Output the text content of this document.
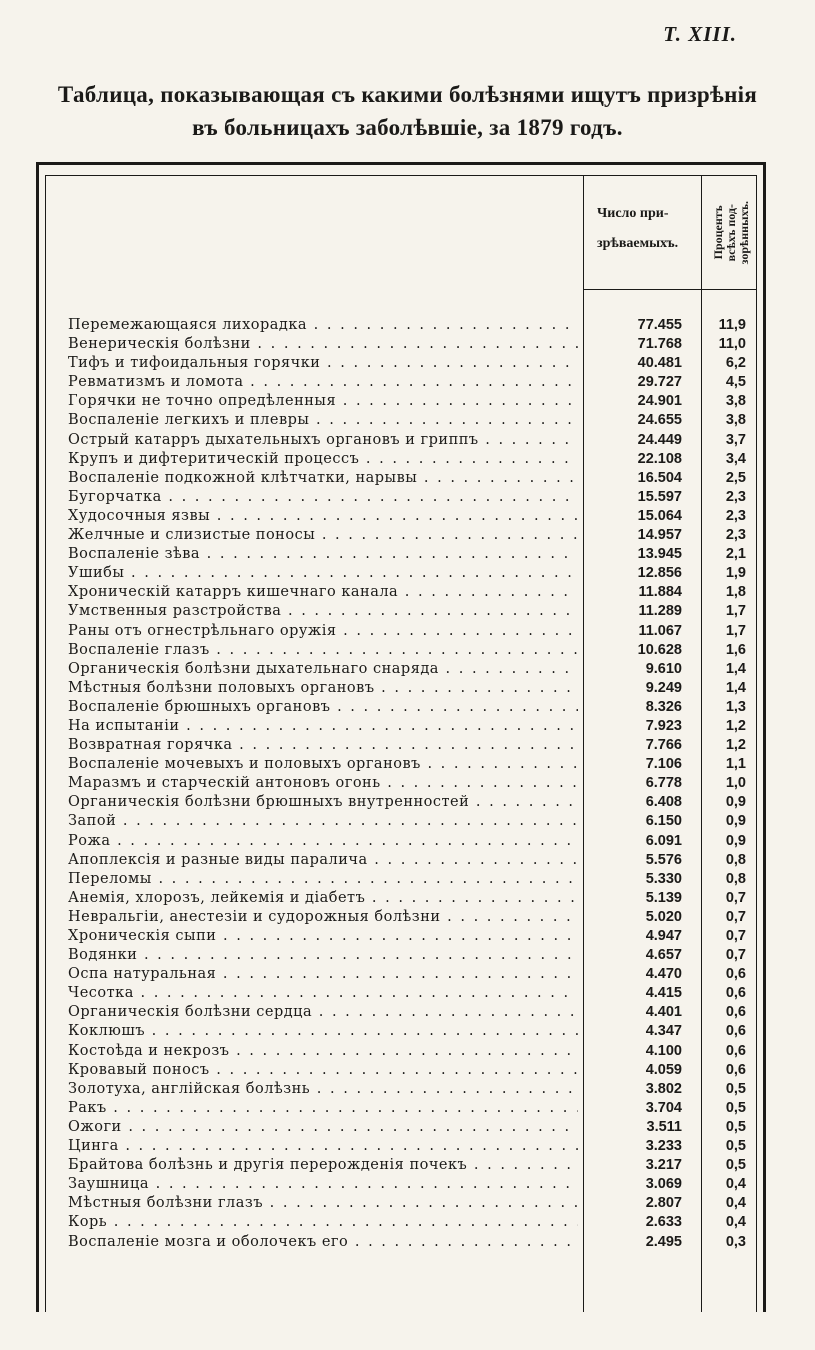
Т. XIII.
Таблица, показывающая съ какими болѣзнями ищутъ призрѣнія
въ больницахъ заболѣвшіе, за 1879 годъ.
Число при-
зрѣваемыхъ.	Процентъ
всѣхъ под-
зорѣнныхъ.
Перемежающаяся лихорадка . . .	77.455	11,9
Венерическія болѣзни . . .	71.768	11,0
Тифъ и тифоидальныя горячки . . .	40.481	6,2
Ревматизмъ и ломота . . .	29.727	4,5
Горячки не точно опредѣленныя . . .	24.901	3,8
Воспаленіе легкихъ и плевры . . .	24.655	3,8
Острый катарръ дыхательныхъ органовъ и гриппъ . . .	24.449	3,7
Крупъ и дифтеритическій процессъ . . .	22.108	3,4
Воспаленіе подкожной клѣтчатки, нарывы . . .	16.504	2,5
Бугорчатка . . .	15.597	2,3
Худосочныя язвы . . .	15.064	2,3
Желчные и слизистые поносы . . .	14.957	2,3
Воспаленіе зѣва . . .	13.945	2,1
Ушибы . . .	12.856	1,9
Хроническій катарръ кишечнаго канала . . .	11.884	1,8
Умственныя разстройства . . .	11.289	1,7
Раны отъ огнестрѣльнаго оружія . . .	11.067	1,7
Воспаленіе глазъ . . .	10.628	1,6
Органическія болѣзни дыхательнаго снаряда . . .	9.610	1,4
Мѣстныя болѣзни половыхъ органовъ . . .	9.249	1,4
Воспаленіе брюшныхъ органовъ . . .	8.326	1,3
На испытаніи . . .	7.923	1,2
Возвратная горячка . . .	7.766	1,2
Воспаленіе мочевыхъ и половыхъ органовъ . . .	7.106	1,1
Маразмъ и старческій антоновъ огонь . . .	6.778	1,0
Органическія болѣзни брюшныхъ внутренностей . . .	6.408	0,9
Запой . . .	6.150	0,9
Рожа . . .	6.091	0,9
Апоплексія и разные виды паралича . . .	5.576	0,8
Переломы . . .	5.330	0,8
Анемія, хлорозъ, лейкемія и діабетъ . . .	5.139	0,7
Невральгіи, анестезіи и судорожныя болѣзни . . .	5.020	0,7
Хроническія сыпи . . .	4.947	0,7
Водянки . . .	4.657	0,7
Оспа натуральная . . .	4.470	0,6
Чесотка . . .	4.415	0,6
Органическія болѣзни сердца . . .	4.401	0,6
Коклюшъ . . .	4.347	0,6
Костоѣда и некрозъ . . .	4.100	0,6
Кровавый поносъ . . .	4.059	0,6
Золотуха, англійская болѣзнь . . .	3.802	0,5
Ракъ . . .	3.704	0,5
Ожоги . . .	3.511	0,5
Цинга . . .	3.233	0,5
Брайтова болѣзнь и другія перерожденія почекъ . . .	3.217	0,5
Заушница . . .	3.069	0,4
Мѣстныя болѣзни глазъ . . .	2.807	0,4
Корь . . .	2.633	0,4
Воспаленіе мозга и оболочекъ его . . .	2.495	0,3
